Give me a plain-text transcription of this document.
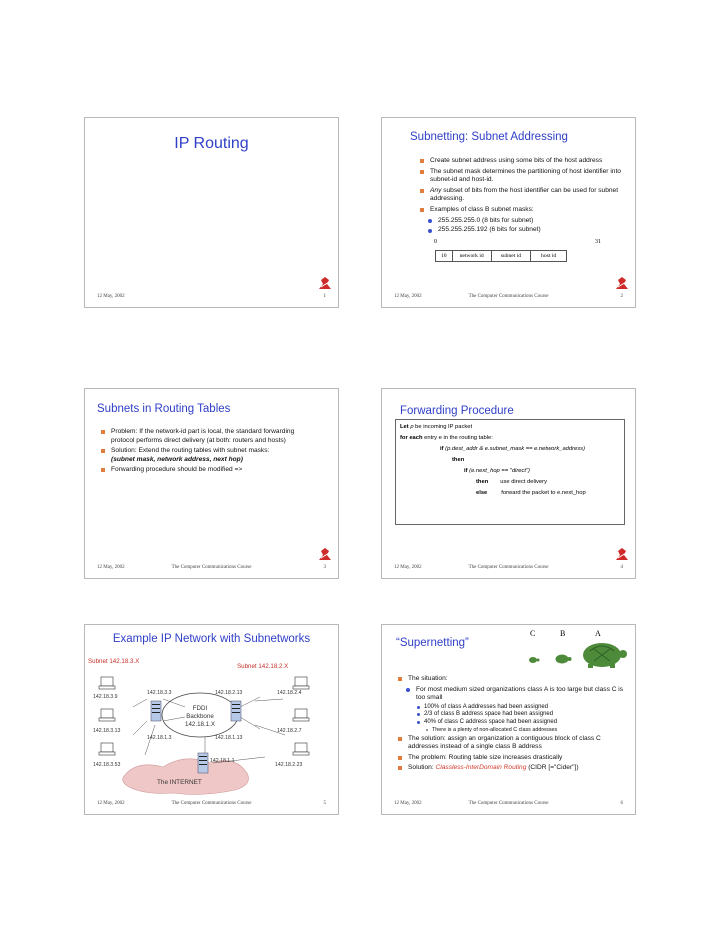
IP Routing
12 May, 2002	1
Subnetting: Subnet Addressing
Create subnet address using some bits of the host address
The subnet mask determines the partitioning of host identifier into subnet-id and host-id.
Any subset of bits from the host identifier can be used for subnet addressing.
Examples of class B subnet masks:
255.255.255.0 (8 bits for subnet)
255.255.255.192 (6 bits for subnet)
0	31
10	network id	subnet id	host id
12 May, 2002	The Computer Communications Course	2
Subnets in Routing Tables
Problem: If the network-id part is local, the standard forwarding protocol performs direct delivery (at both: routers and hosts)
Solution: Extend the routing tables with subnet masks:
(subnet mask, network address, next hop)
Forwarding procedure should be modified =>
12 May, 2002	The Computer Communications Course	3
Forwarding Procedure
Let p be incoming IP packet
for each entry e in the routing table:
if (p.dest_addr & e.subnet_mask == e.network_address)
then
if (e.next_hop == "direct")
then use direct delivery
else forward the packet to e.next_hop
12 May, 2002	The Computer Communications Course	4
Example IP Network with Subnetworks
Subnet 142.18.3.X
Subnet 142.18.2.X
142.18.3.9
142.18.3.3	142.18.2.13	142.18.2.4
142.18.3.13	142.18.2.7
142.18.1.3	142.18.1.13
142.18.3.53
142.18.1.1
142.18.2.23
FDDI
Backbone
142.18.1.X
The INTERNET
12 May, 2002	The Computer Communications Course	5
“Supernetting”
C	B	A
The situation:
For most medium sized organizations class A is too large but class C is too small
100% of class A addresses had been assigned
2/3 of class B address space had been assigned
40% of class C address space had been assigned
There is a plenty of non-allocated C class addresses
The solution: assign an organization a contiguous block of class C addresses instead of a single class B address
The problem: Routing table size increases drastically
Solution: Classless-InterDomain Routing (CIDR [="Cider"])
12 May, 2002	The Computer Communications Course	6
